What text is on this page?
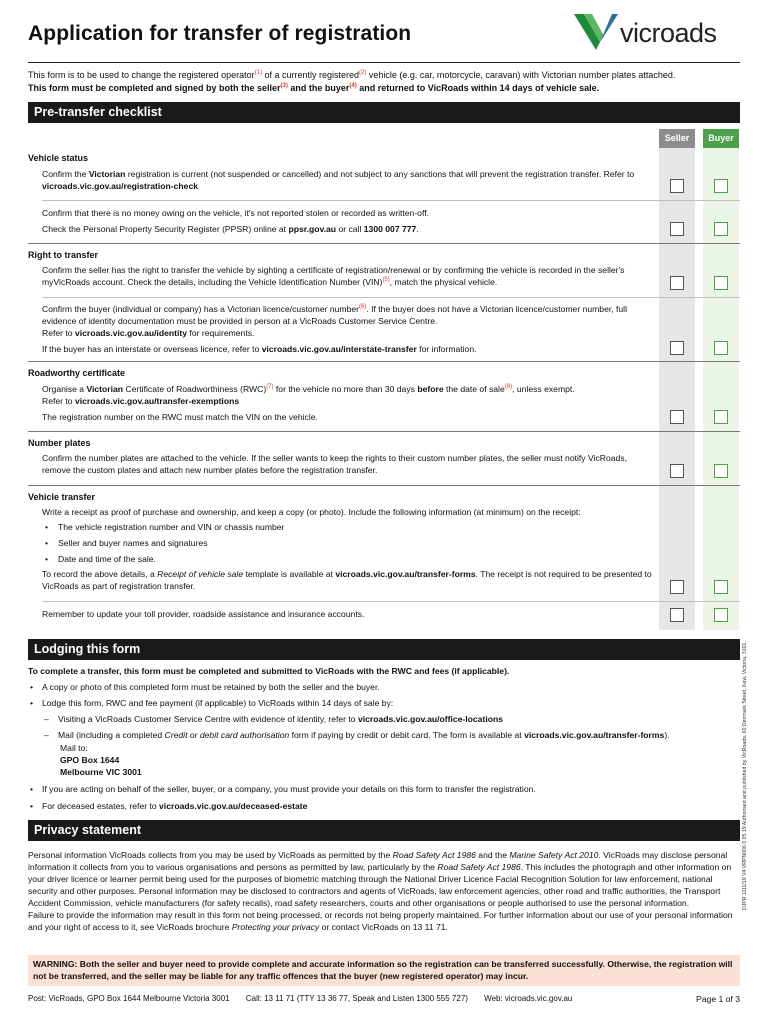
Application for transfer of registration	vicroads
This form is to be used to change the registered operator$^{(1)}$ of a currently registered$^{(2)}$ vehicle (e.g. car, motorcycle, caravan) with Victorian number plates attached.
This form must be completed and signed by both the seller$^{(3)}$ and the buyer$^{(4)}$ and returned to VicRoads within 14 days of vehicle sale.
Pre-transfer checklist
Seller	Buyer
Vehicle status
Confirm the Victorian registration is current (not suspended or cancelled) and not subject to any sanctions that will prevent the registration transfer. Refer to vicroads.vic.gov.au/registration-check
Confirm that there is no money owing on the vehicle, it's not reported stolen or recorded as written-off.
Check the Personal Property Security Register (PPSR) online at ppsr.gov.au or call 1300 007 777.
Right to transfer
Confirm the seller has the right to transfer the vehicle by sighting a certificate of registration/renewal or by confirming the vehicle is recorded in the seller's myVicRoads account. Check the details, including the Vehicle Identification Number (VIN)$^{(5)}$, match the physical vehicle.
Confirm the buyer (individual or company) has a Victorian licence/customer number$^{(6)}$. If the buyer does not have a Victorian licence/customer number, full evidence of identity documentation must be provided in person at a VicRoads Customer Service Centre.
Refer to vicroads.vic.gov.au/identity for requirements.
If the buyer has an interstate or overseas licence, refer to vicroads.vic.gov.au/interstate-transfer for information.
Roadworthy certificate
Organise a Victorian Certificate of Roadworthiness (RWC)$^{(7)}$ for the vehicle no more than 30 days before the date of sale$^{(8)}$, unless exempt.
Refer to vicroads.vic.gov.au/transfer-exemptions
The registration number on the RWC must match the VIN on the vehicle.
Number plates
Confirm the number plates are attached to the vehicle. If the seller wants to keep the rights to their custom number plates, the seller must notify VicRoads, remove the custom plates and attach new number plates before the registration transfer.
Vehicle transfer
Write a receipt as proof of purchase and ownership, and keep a copy (or photo). Include the following information (at minimum) on the receipt:
• The vehicle registration number and VIN or chassis number
• Seller and buyer names and signatures
• Date and time of the sale.
To record the above details, a Receipt of vehicle sale template is available at vicroads.vic.gov.au/transfer-forms. The receipt is not required to be presented to VicRoads as part of registration transfer.
Remember to update your toll provider, roadside assistance and insurance accounts.
Lodging this form
To complete a transfer, this form must be completed and submitted to VicRoads with the RWC and fees (if applicable).
• A copy or photo of this completed form must be retained by both the seller and the buyer.
• Lodge this form, RWC and fee payment (if applicable) to VicRoads within 14 days of sale by:
– Visiting a VicRoads Customer Service Centre with evidence of identity, refer to vicroads.vic.gov.au/office-locations
– Mail (including a completed Credit or debit card authorisation form if paying by credit or debit card. The form is available at vicroads.vic.gov.au/transfer-forms).
Mail to:
GPO Box 1644
Melbourne VIC 3001
• If you are acting on behalf of the seller, buyer, or a company, you must provide your details on this form to transfer the registration.
• For deceased estates, refer to vicroads.vic.gov.au/deceased-estate
Privacy statement
Personal information VicRoads collects from you may be used by VicRoads as permitted by the Road Safety Act 1986 and the Marine Safety Act 2010. VicRoads may disclose personal information it collects from you to various organisations and persons as permitted by law, particularly by the Road Safety Act 1986. This includes the photograph and other information on your driver licence or learner permit being used for the purposes of biometric matching through the National Driver Licence Facial Recognition Solution for law enforcement, national security and other purposes. Personal information may be disclosed to contractors and agents of VicRoads, law enforcement agencies, other road and traffic authorities, the Transport Accident Commission, vehicle manufacturers (for safety recalls), road safety researchers, courts and other organisations or people authorised to use the personal information.
Failure to provide the information may result in this form not being processed, or records not being properly maintained. For further information about our use of your personal information and your right of access to it, see VicRoads brochure Protecting your privacy or contact VicRoads on 13 11 71.
WARNING: Both the seller and buyer need to provide complete and accurate information so the registration can be transferred successfully. Otherwise, the registration will not be transferred, and the seller may be liable for any traffic offences that the buyer (new registered operator) may incur.
Post: VicRoads, GPO Box 1644 Melbourne Victoria 3001 Call: 13 11 71 (TTY 13 36 77, Speak and Listen 1300 555 727) Web: vicroads.vic.gov.au	Page 1 of 3
DJPR 1111/19 V4 VRPN006 0 05 19 Authorised and published by VicRoads, 60 Denmark Street, Kew, Victoria, 3101.
